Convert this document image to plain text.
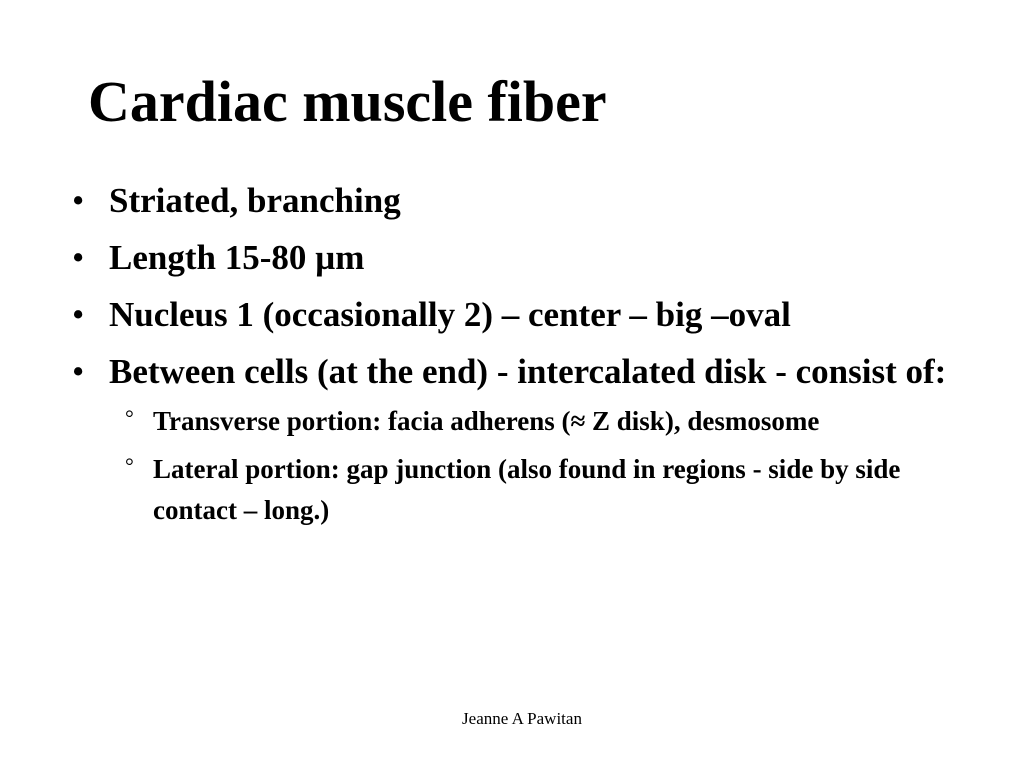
Cardiac muscle fiber
• Striated, branching
• Length 15-80 µm
• Nucleus 1 (occasionally 2) – center – big –oval
• Between cells (at the end) - intercalated disk - consist of:
° Transverse portion: facia adherens (≈ Z disk), desmosome
° Lateral portion: gap junction (also found in regions - side by side contact – long.)
Jeanne A Pawitan
